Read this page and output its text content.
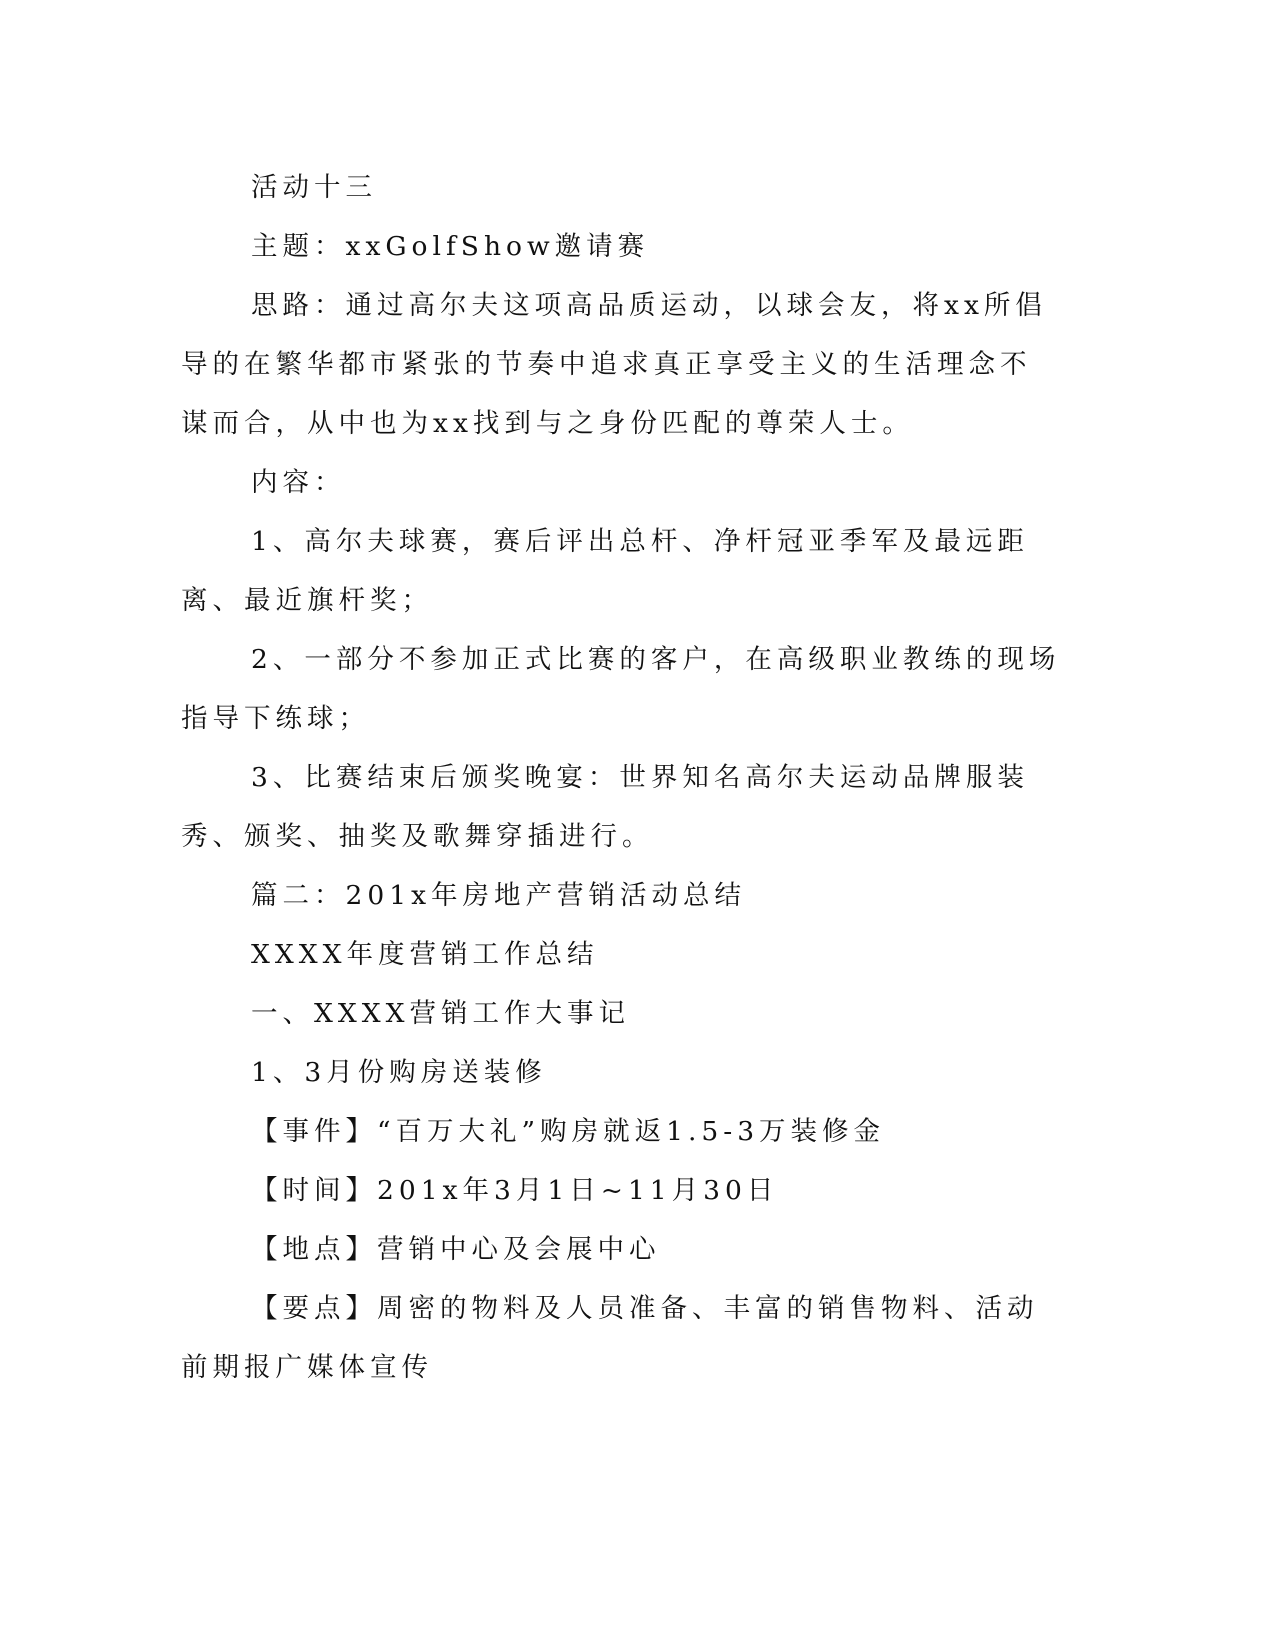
活动十三

主题：xxGolfShow邀请赛

思路：通过高尔夫这项高品质运动，以球会友，将xx所倡导的在繁华都市紧张的节奏中追求真正享受主义的生活理念不谋而合，从中也为xx找到与之身份匹配的尊荣人士。

内容：

1、高尔夫球赛，赛后评出总杆、净杆冠亚季军及最远距离、最近旗杆奖；

2、一部分不参加正式比赛的客户，在高级职业教练的现场指导下练球；

3、比赛结束后颁奖晚宴：世界知名高尔夫运动品牌服装秀、颁奖、抽奖及歌舞穿插进行。

篇二：201x年房地产营销活动总结

XXXX年度营销工作总结

一、XXXX营销工作大事记

1、3月份购房送装修

【事件】“百万大礼”购房就返1.5-3万装修金

【时间】201x年3月1日~11月30日

【地点】营销中心及会展中心

【要点】周密的物料及人员准备、丰富的销售物料、活动前期报广媒体宣传
